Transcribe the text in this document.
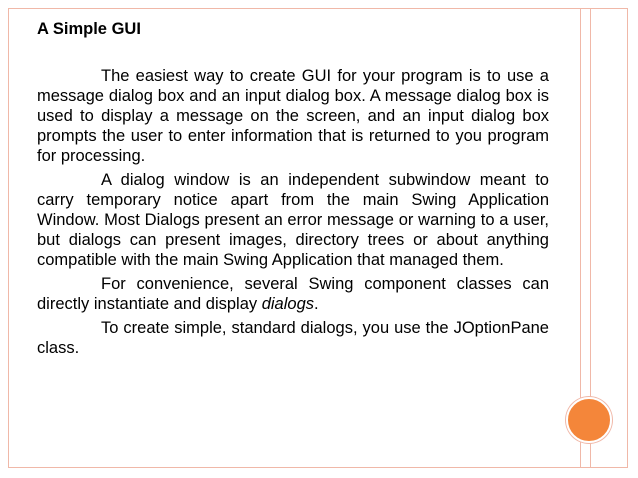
A Simple GUI

The easiest way to create GUI for your program is to use a message dialog box and an input dialog box. A message dialog box is used to display a message on the screen, and an input dialog box prompts the user to enter information that is returned to you program for processing.

A dialog window is an independent subwindow meant to carry temporary notice apart from the main Swing Application Window. Most Dialogs present an error message or warning to a user, but dialogs can present images, directory trees or about anything compatible with the main Swing Application that managed them.

For convenience, several Swing component classes can directly instantiate and display dialogs.

To create simple, standard dialogs, you use the JOptionPane class.
